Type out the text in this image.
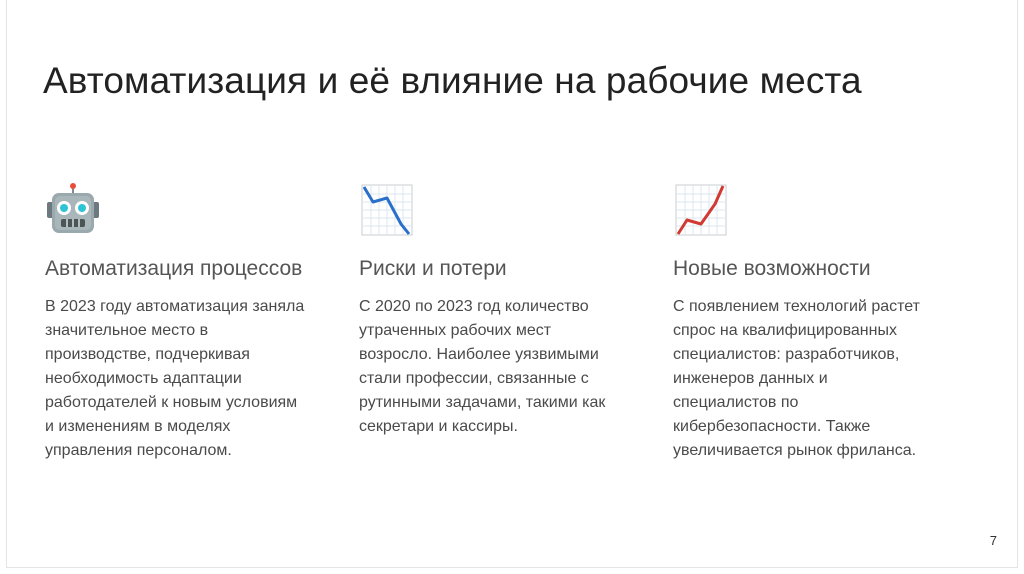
Автоматизация и её влияние на рабочие места
Автоматизация процессов
В 2023 году автоматизация заняла значительное место в производстве, подчеркивая необходимость адаптации работодателей к новым условиям и изменениям в моделях управления персоналом.
Риски и потери
С 2020 по 2023 год количество утраченных рабочих мест возросло. Наиболее уязвимыми стали профессии, связанные с рутинными задачами, такими как секретари и кассиры.
Новые возможности
С появлением технологий растет спрос на квалифицированных специалистов: разработчиков, инженеров данных и специалистов по кибербезопасности. Также увеличивается рынок фриланса.
7
